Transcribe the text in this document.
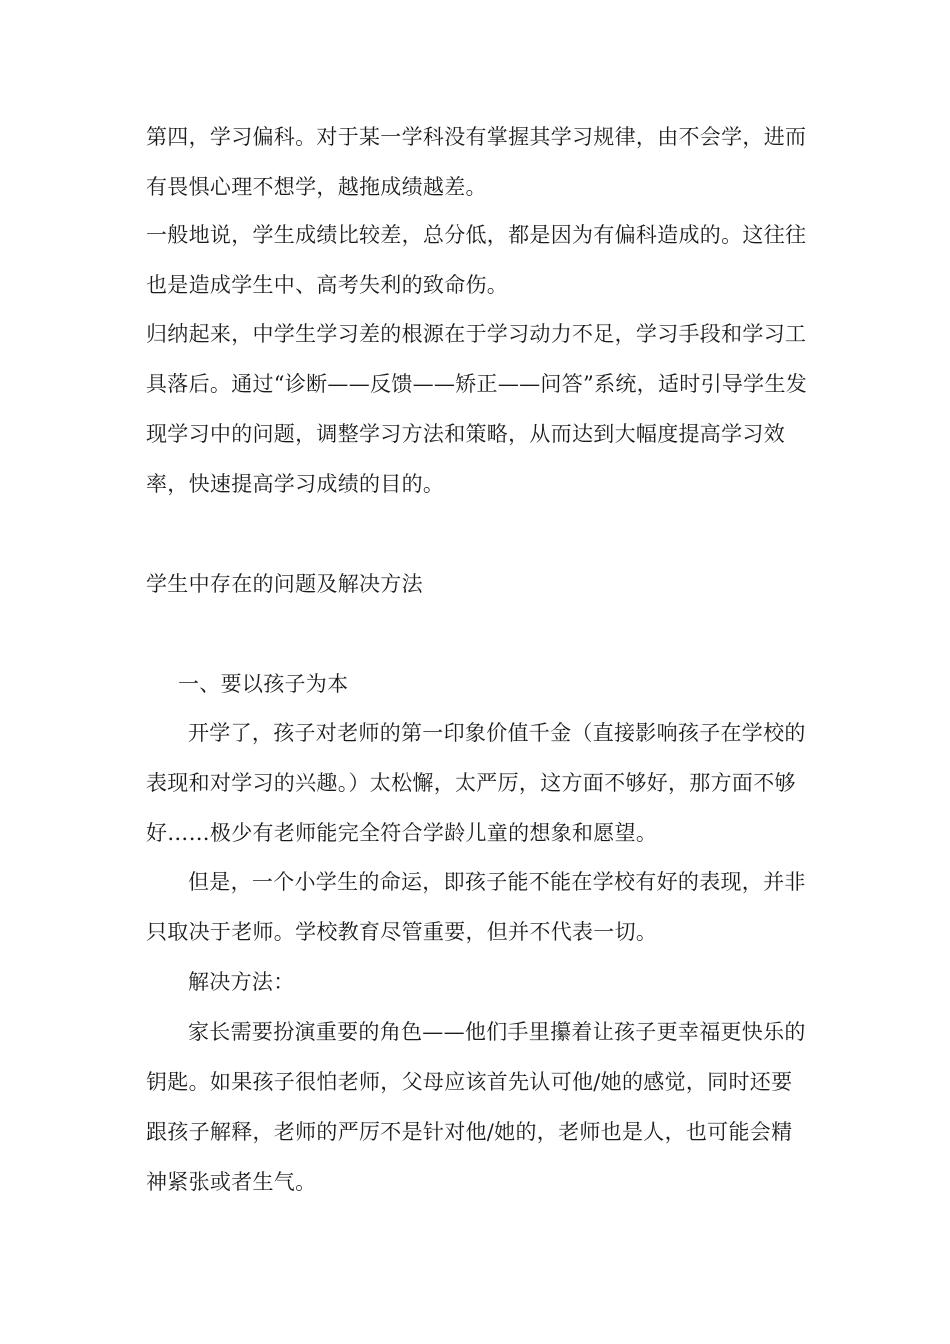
第四，学习偏科。对于某一学科没有掌握其学习规律，由不会学，进而有畏惧心理不想学，越拖成绩越差。

一般地说，学生成绩比较差，总分低，都是因为有偏科造成的。这往往也是造成学生中、高考失利的致命伤。

归纳起来，中学生学习差的根源在于学习动力不足，学习手段和学习工具落后。通过“诊断——反馈——矫正——问答”系统，适时引导学生发现学习中的问题，调整学习方法和策略，从而达到大幅度提高学习效率，快速提高学习成绩的目的。

学生中存在的问题及解决方法

一、要以孩子为本

开学了，孩子对老师的第一印象价值千金（直接影响孩子在学校的表现和对学习的兴趣。）太松懈，太严厉，这方面不够好，那方面不够好……极少有老师能完全符合学龄儿童的想象和愿望。

但是，一个小学生的命运，即孩子能不能在学校有好的表现，并非只取决于老师。学校教育尽管重要，但并不代表一切。

解决方法：

家长需要扮演重要的角色——他们手里攥着让孩子更幸福更快乐的钥匙。如果孩子很怕老师，父母应该首先认可他/她的感觉，同时还要跟孩子解释，老师的严厉不是针对他/她的，老师也是人，也可能会精神紧张或者生气。
